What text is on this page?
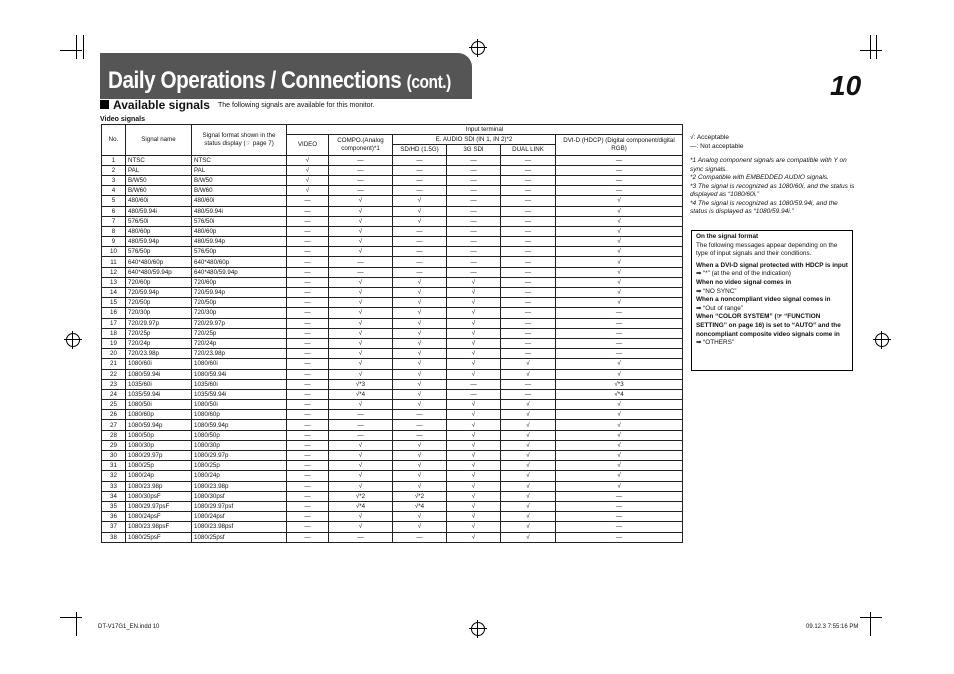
Daily Operations / Connections (cont.)	10
Available signals The following signals are available for this monitor.
Video signals
No.	Signal name	Signal format shown in the status display (☞ page 7)	Input terminal					
			VIDEO	COMPO.(Analog component)*1	E. AUDIO SDI (IN 1, IN 2)*2			DVI-D (HDCP) (Digital component/digital RGB)
					SD/HD (1.5G)	3G SDI	DUAL LINK	
1	NTSC	NTSC	√	—	—	—	—	—
2	PAL	PAL	√	—	—	—	—	—
3	B/W50	B/W50	√	—	—	—	—	—
4	B/W60	B/W60	√	—	—	—	—	—
5	480/60i	480/60i	—	√	√	—	—	√
6	480/59.94i	480/59.94i	—	√	√	—	—	√
7	576/50i	576/50i	—	√	√	—	—	√
8	480/60p	480/60p	—	√	—	—	—	√
9	480/59.94p	480/59.94p	—	√	—	—	—	√
10	576/50p	576/50p	—	√	—	—	—	√
11	640*480/60p	640*480/60p	—	—	—	—	—	√
12	640*480/59.94p	640*480/59.94p	—	—	—	—	—	√
13	720/60p	720/60p	—	√	√	√	—	√
14	720/59.94p	720/59.94p	—	√	√	√	—	√
15	720/50p	720/50p	—	√	√	√	—	√
16	720/30p	720/30p	—	√	√	√	—	—
17	720/29.97p	720/29.97p	—	√	√	√	—	—
18	720/25p	720/25p	—	√	√	√	—	—
19	720/24p	720/24p	—	√	√	√	—	—
20	720/23.98p	720/23.98p	—	√	√	√	—	—
21	1080/60i	1080/60i	—	√	√	√	√	√
22	1080/59.94i	1080/59.94i	—	√	√	√	√	√
23	1035/60i	1035/60i	—	√*3	√	—	—	√*3
24	1035/59.94i	1035/59.94i	—	√*4	√	—	—	√*4
25	1080/50i	1080/50i	—	√	√	√	√	√
26	1080/60p	1080/60p	—	—	—	√	√	√
27	1080/59.94p	1080/59.94p	—	—	—	√	√	√
28	1080/50p	1080/50p	—	—	—	√	√	√
29	1080/30p	1080/30p	—	√	√	√	√	√
30	1080/29.97p	1080/29.97p	—	√	√	√	√	√
31	1080/25p	1080/25p	—	√	√	√	√	√
32	1080/24p	1080/24p	—	√	√	√	√	√
33	1080/23.98p	1080/23.98p	—	√	√	√	√	√
34	1080/30psF	1080/30psf	—	√*2	√*2	√	√	—
35	1080/29.97psF	1080/29.97psf	—	√*4	√*4	√	√	—
36	1080/24psF	1080/24psf	—	√	√	√	√	—
37	1080/23.98psF	1080/23.98psf	—	√	√	√	√	—
38	1080/25psF	1080/25psf	—	—	—	√	√	—
√: Acceptable
—: Not acceptable
*1 Analog component signals are compatible with Y on sync signals.
*2 Compatible with EMBEDDED AUDIO signals.
*3 The signal is recognized as 1080/60i, and the status is displayed as “1080/60i.”
*4 The signal is recognized as 1080/59.94i, and the status is displayed as “1080/59.94i.”
On the signal format
The following messages appear depending on the type of input signals and their conditions.
When a DVI-D signal protected with HDCP is input
➡ “*” (at the end of the indication)
When no video signal comes in
➡ “NO SYNC”
When a noncompliant video signal comes in
➡ “Out of range”
When “COLOR SYSTEM” (☞ “FUNCTION SETTING” on page 16) is set to “AUTO” and the noncompliant composite video signals come in
➡ “OTHERS”
DT-V17G1_EN.indd 10	09.12.3 7:55:16 PM
